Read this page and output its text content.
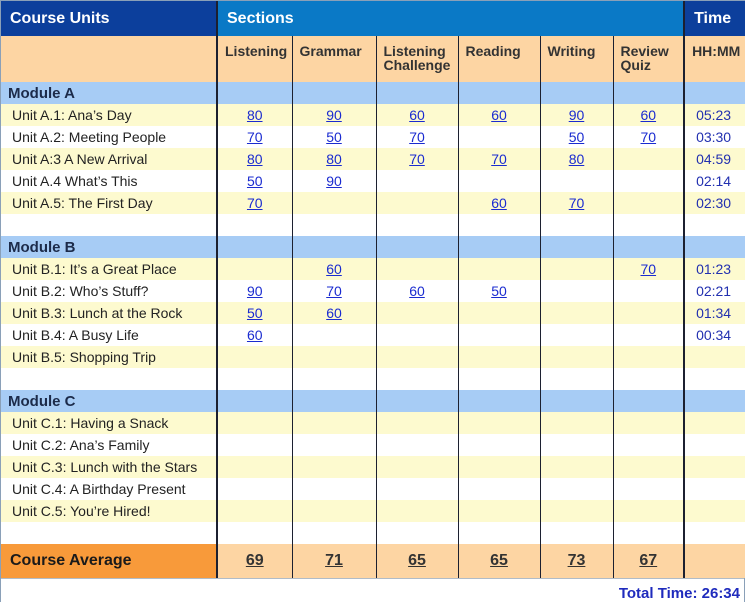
Course Units	Sections						Time
	Listening	Grammar	Listening Challenge	Reading	Writing	Review Quiz	HH:MM
Module A							
Unit A.1: Ana’s Day	80	90	60	60	90	60	05:23
Unit A.2: Meeting People	70	50	70		50	70	03:30
Unit A:3 A New Arrival	80	80	70	70	80		04:59
Unit A.4 What’s This	50	90					02:14
Unit A.5: The First Day	70			60	70		02:30

Module B							
Unit B.1: It’s a Great Place		60				70	01:23
Unit B.2: Who’s Stuff?	90	70	60	50			02:21
Unit B.3: Lunch at the Rock	50	60					01:34
Unit B.4: A Busy Life	60						00:34
Unit B.5: Shopping Trip							

Module C							
Unit C.1: Having a Snack							
Unit C.2: Ana’s Family							
Unit C.3: Lunch with the Stars							
Unit C.4: A Birthday Present							
Unit C.5: You’re Hired!							

Course Average	69	71	65	65	73	67	
Total Time: 26:34
